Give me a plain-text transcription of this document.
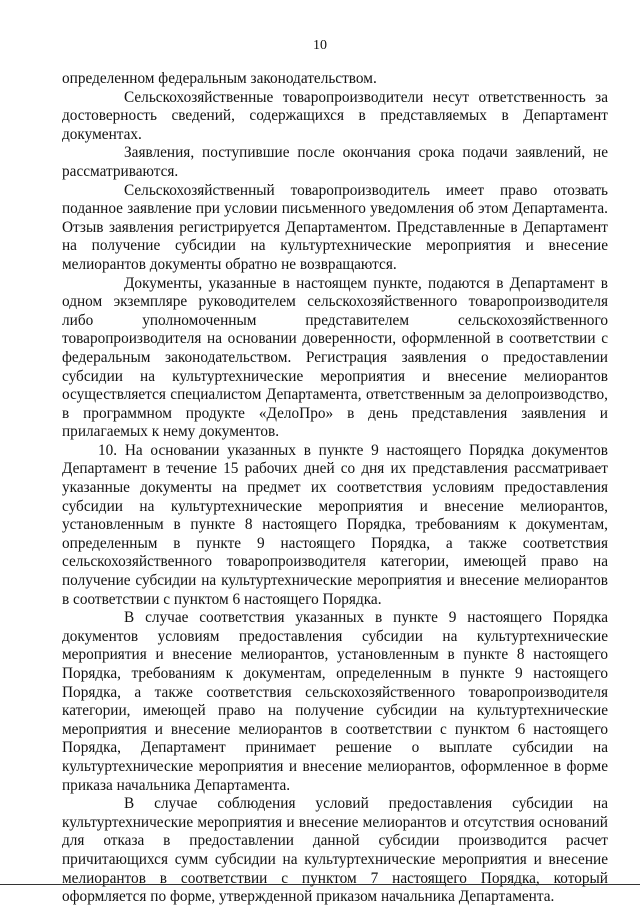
10

определенном федеральным законодательством.

Сельскохозяйственные товаропроизводители несут ответственность за достоверность сведений, содержащихся в представляемых в Департамент документах.

Заявления, поступившие после окончания срока подачи заявлений, не рассматриваются.

Сельскохозяйственный товаропроизводитель имеет право отозвать поданное заявление при условии письменного уведомления об этом Департамента. Отзыв заявления регистрируется Департаментом. Представленные в Департамент на получение субсидии на культуртехнические мероприятия и внесение мелиорантов документы обратно не возвращаются.

Документы, указанные в настоящем пункте, подаются в Департамент в одном экземпляре руководителем сельскохозяйственного товаропроизводителя либо уполномоченным представителем сельскохозяйственного товаропроизводителя на основании доверенности, оформленной в соответствии с федеральным законодательством. Регистрация заявления о предоставлении субсидии на культуртехнические мероприятия и внесение мелиорантов осуществляется специалистом Департамента, ответственным за делопроизводство, в программном продукте «ДелоПро» в день представления заявления и прилагаемых к нему документов.

10. На основании указанных в пункте 9 настоящего Порядка документов Департамент в течение 15 рабочих дней со дня их представления рассматривает указанные документы на предмет их соответствия условиям предоставления субсидии на культуртехнические мероприятия и внесение мелиорантов, установленным в пункте 8 настоящего Порядка, требованиям к документам, определенным в пункте 9 настоящего Порядка, а также соответствия сельскохозяйственного товаропроизводителя категории, имеющей право на получение субсидии на культуртехнические мероприятия и внесение мелиорантов в соответствии с пунктом 6 настоящего Порядка.

В случае соответствия указанных в пункте 9 настоящего Порядка документов условиям предоставления субсидии на культуртехнические мероприятия и внесение мелиорантов, установленным в пункте 8 настоящего Порядка, требованиям к документам, определенным в пункте 9 настоящего Порядка, а также соответствия сельскохозяйственного товаропроизводителя категории, имеющей право на получение субсидии на культуртехнические мероприятия и внесение мелиорантов в соответствии с пунктом 6 настоящего Порядка, Департамент принимает решение о выплате субсидии на культуртехнические мероприятия и внесение мелиорантов, оформленное в форме приказа начальника Департамента.

В случае соблюдения условий предоставления субсидии на культуртехнические мероприятия и внесение мелиорантов и отсутствия оснований для отказа в предоставлении данной субсидии производится расчет причитающихся сумм субсидии на культуртехнические мероприятия и внесение мелиорантов в соответствии с пунктом 7 настоящего Порядка, который оформляется по форме, утвержденной приказом начальника Департамента.
